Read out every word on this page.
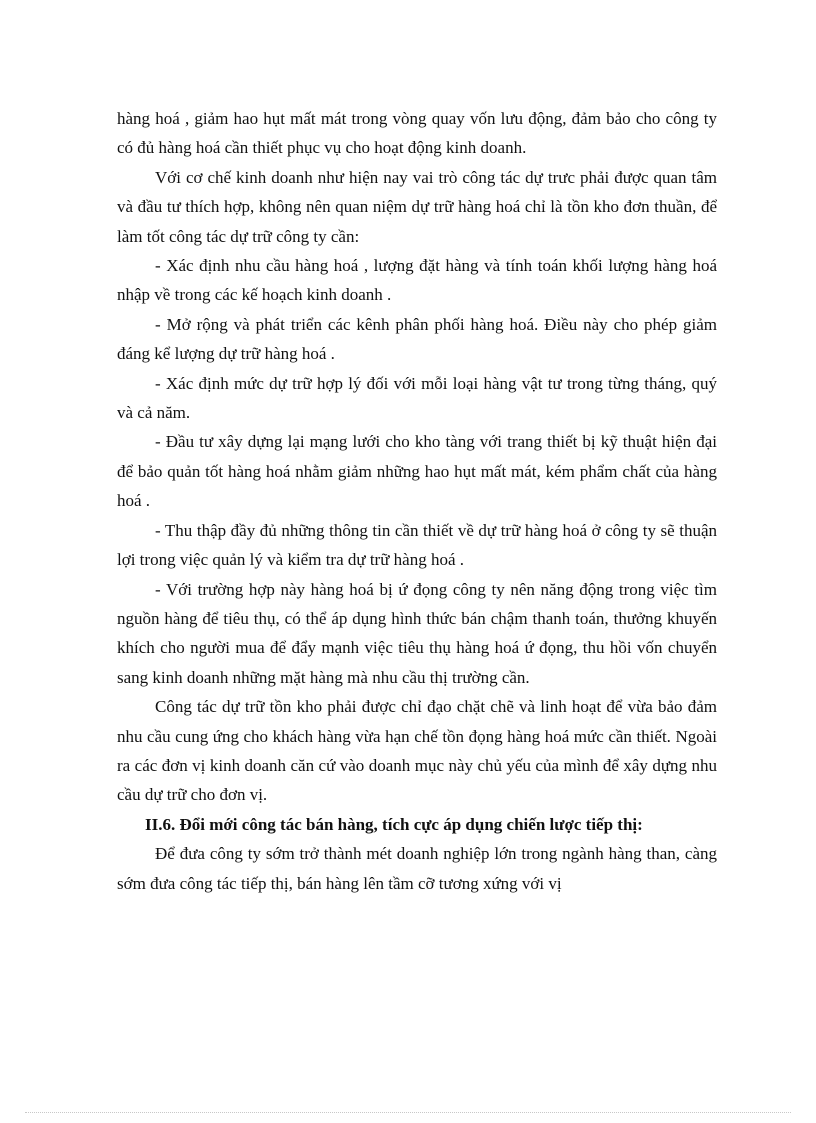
hàng hoá , giảm hao hụt mất mát trong vòng quay vốn lưu động, đảm bảo cho công ty có đủ hàng hoá cần thiết phục vụ cho hoạt động kinh doanh.

Với cơ chế kinh doanh như hiện nay vai trò công tác dự trưc phải được quan tâm và đầu tư thích hợp, không nên quan niệm dự trữ hàng hoá chỉ là tồn kho đơn thuần, để làm tốt công tác dự trữ công ty cần:

- Xác định nhu cầu hàng hoá , lượng đặt hàng và tính toán khối lượng hàng hoá nhập về trong các kế hoạch kinh doanh .

- Mở rộng và phát triển các kênh phân phối hàng hoá. Điều này cho phép giảm đáng kể lượng dự trữ hàng hoá .

- Xác định mức dự trữ hợp lý đối với mỗi loại hàng vật tư trong từng tháng, quý và cả năm.

- Đầu tư xây dựng lại mạng lưới cho kho tàng với trang thiết bị kỹ thuật hiện đại để bảo quản tốt hàng hoá nhằm giảm những hao hụt mất mát, kém phẩm chất của hàng hoá .

- Thu thập đầy đủ những thông tin cần thiết về dự trữ hàng hoá ở công ty sẽ thuận lợi trong việc quản lý và kiểm tra dự trữ hàng hoá .

- Với trường hợp này hàng hoá bị ứ đọng công ty nên năng động trong việc tìm nguồn hàng để tiêu thụ, có thể áp dụng hình thức bán chậm thanh toán, thưởng khuyến khích cho người mua để đẩy mạnh việc tiêu thụ hàng hoá ứ đọng, thu hồi vốn chuyển sang kinh doanh những mặt hàng mà nhu cầu thị trường cần.

Công tác dự trữ tồn kho phải được chỉ đạo chặt chẽ và linh hoạt để vừa bảo đảm nhu cầu cung ứng cho khách hàng vừa hạn chế tồn đọng hàng hoá mức cần thiết. Ngoài ra các đơn vị kinh doanh căn cứ vào doanh mục này chủ yếu của mình để xây dựng nhu cầu dự trữ cho đơn vị.

II.6. Đổi mới công tác bán hàng, tích cực áp dụng chiến lược tiếp thị:

Để đưa công ty sớm trở thành mét doanh nghiệp lớn trong ngành hàng than, càng sớm đưa công tác tiếp thị, bán hàng lên tầm cỡ tương xứng với vị
